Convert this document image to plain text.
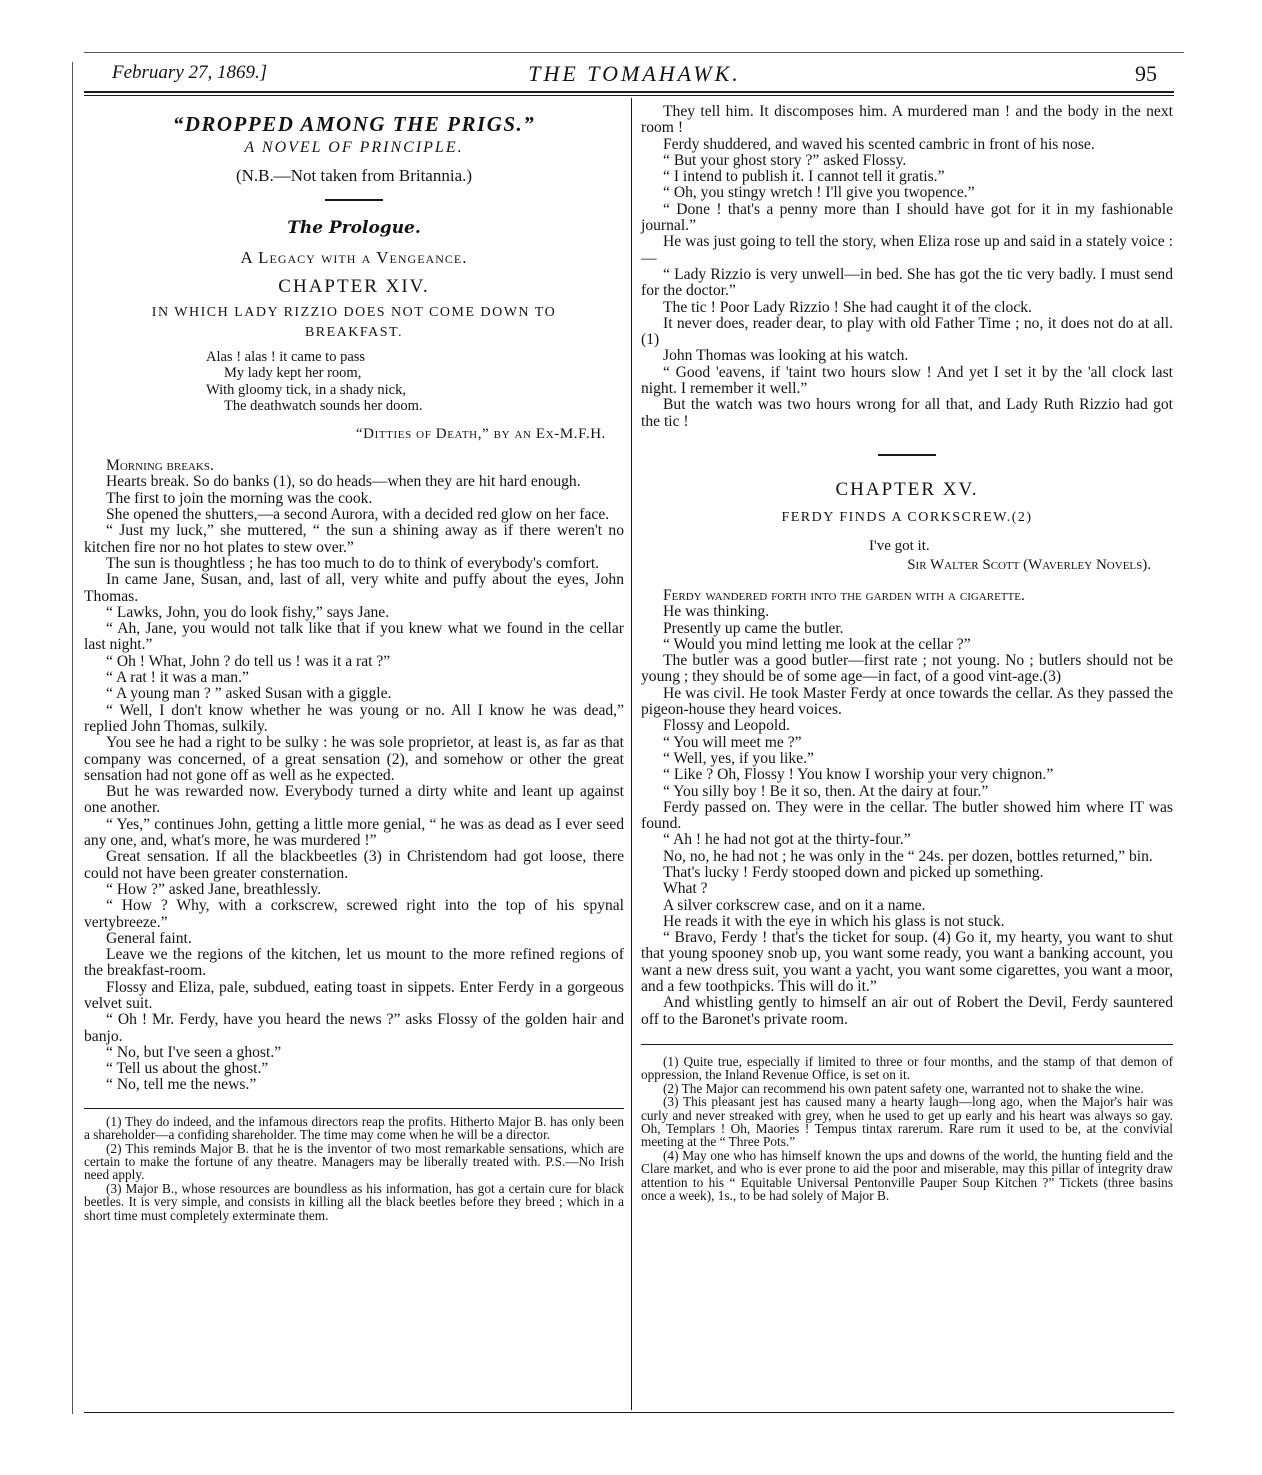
February 27, 1869.]	THE TOMAHAWK.	95
“DROPPED AMONG THE PRIGS.”
A NOVEL OF PRINCIPLE.
(N.B.—Not taken from Britannia.)
The Prologue.
A Legacy with a Vengeance.
CHAPTER XIV.
IN WHICH LADY RIZZIO DOES NOT COME DOWN TO
BREAKFAST.
Alas ! alas ! it came to pass
My lady kept her room,
With gloomy tick, in a shady nick,
The deathwatch sounds her doom.
“Ditties of Death,” by an Ex-M.F.H.

Morning breaks.

Hearts break. So do banks (1), so do heads—when they are hit hard enough.

The first to join the morning was the cook.

She opened the shutters,—a second Aurora, with a decided red glow on her face.

“ Just my luck,” she muttered, “ the sun a shining away as if there weren't no kitchen fire nor no hot plates to stew over.”

The sun is thoughtless ; he has too much to do to think of everybody's comfort.

In came Jane, Susan, and, last of all, very white and puffy about the eyes, John Thomas.

“ Lawks, John, you do look fishy,” says Jane.

“ Ah, Jane, you would not talk like that if you knew what we found in the cellar last night.”

“ Oh ! What, John ? do tell us ! was it a rat ?”

“ A rat ! it was a man.”

“ A young man ? ” asked Susan with a giggle.

“ Well, I don't know whether he was young or no. All I know he was dead,” replied John Thomas, sulkily.

You see he had a right to be sulky : he was sole proprietor, at least is, as far as that company was concerned, of a great sensation (2), and somehow or other the great sensation had not gone off as well as he expected.

But he was rewarded now. Everybody turned a dirty white and leant up against one another.

“ Yes,” continues John, getting a little more genial, “ he was as dead as I ever seed any one, and, what's more, he was murdered !”

Great sensation. If all the blackbeetles (3) in Christendom had got loose, there could not have been greater consternation.

“ How ?” asked Jane, breathlessly.

“ How ? Why, with a corkscrew, screwed right into the top of his spynal vertybreeze.”

General faint.

Leave we the regions of the kitchen, let us mount to the more refined regions of the breakfast-room.

Flossy and Eliza, pale, subdued, eating toast in sippets. Enter Ferdy in a gorgeous velvet suit.

“ Oh ! Mr. Ferdy, have you heard the news ?” asks Flossy of the golden hair and banjo.

“ No, but I've seen a ghost.”

“ Tell us about the ghost.”

“ No, tell me the news.”

(1) They do indeed, and the infamous directors reap the profits. Hitherto Major B. has only been a shareholder—a confiding shareholder. The time may come when he will be a director.

(2) This reminds Major B. that he is the inventor of two most remarkable sensations, which are certain to make the fortune of any theatre. Managers may be liberally treated with. P.S.—No Irish need apply.

(3) Major B., whose resources are boundless as his information, has got a certain cure for black beetles. It is very simple, and consists in killing all the black beetles before they breed ; which in a short time must completely exterminate them.

They tell him. It discomposes him. A murdered man ! and the body in the next room !

Ferdy shuddered, and waved his scented cambric in front of his nose.

“ But your ghost story ?” asked Flossy.

“ I intend to publish it. I cannot tell it gratis.”

“ Oh, you stingy wretch ! I'll give you twopence.”

“ Done ! that's a penny more than I should have got for it in my fashionable journal.”

He was just going to tell the story, when Eliza rose up and said in a stately voice :—

“ Lady Rizzio is very unwell—in bed. She has got the tic very badly. I must send for the doctor.”

The tic ! Poor Lady Rizzio ! She had caught it of the clock.

It never does, reader dear, to play with old Father Time ; no, it does not do at all.(1)

John Thomas was looking at his watch.

“ Good 'eavens, if 'taint two hours slow ! And yet I set it by the 'all clock last night. I remember it well.”

But the watch was two hours wrong for all that, and Lady Ruth Rizzio had got the tic !

CHAPTER XV.
FERDY FINDS A CORKSCREW.(2)
I've got it.
Sir Walter Scott (Waverley Novels).

Ferdy wandered forth into the garden with a cigarette.

He was thinking.

Presently up came the butler.

“ Would you mind letting me look at the cellar ?”

The butler was a good butler—first rate ; not young. No ; butlers should not be young ; they should be of some age—in fact, of a good vint-age.(3)

He was civil. He took Master Ferdy at once towards the cellar. As they passed the pigeon-house they heard voices.

Flossy and Leopold.

“ You will meet me ?”

“ Well, yes, if you like.”

“ Like ? Oh, Flossy ! You know I worship your very chignon.”

“ You silly boy ! Be it so, then. At the dairy at four.”

Ferdy passed on. They were in the cellar. The butler showed him where IT was found.

“ Ah ! he had not got at the thirty-four.”

No, no, he had not ; he was only in the “ 24s. per dozen, bottles returned,” bin.

That's lucky ! Ferdy stooped down and picked up something.

What ?

A silver corkscrew case, and on it a name.

He reads it with the eye in which his glass is not stuck.

“ Bravo, Ferdy ! that's the ticket for soup. (4) Go it, my hearty, you want to shut that young spooney snob up, you want some ready, you want a banking account, you want a new dress suit, you want a yacht, you want some cigarettes, you want a moor, and a few toothpicks. This will do it.”

And whistling gently to himself an air out of Robert the Devil, Ferdy sauntered off to the Baronet's private room.

(1) Quite true, especially if limited to three or four months, and the stamp of that demon of oppression, the Inland Revenue Office, is set on it.

(2) The Major can recommend his own patent safety one, warranted not to shake the wine.

(3) This pleasant jest has caused many a hearty laugh—long ago, when the Major's hair was curly and never streaked with grey, when he used to get up early and his heart was always so gay. Oh, Templars ! Oh, Maories ! Tempus tintax rarerum. Rare rum it used to be, at the convivial meeting at the “ Three Pots.”

(4) May one who has himself known the ups and downs of the world, the hunting field and the Clare market, and who is ever prone to aid the poor and miserable, may this pillar of integrity draw attention to his “ Equitable Universal Pentonville Pauper Soup Kitchen ?” Tickets (three basins once a week), 1s., to be had solely of Major B.
